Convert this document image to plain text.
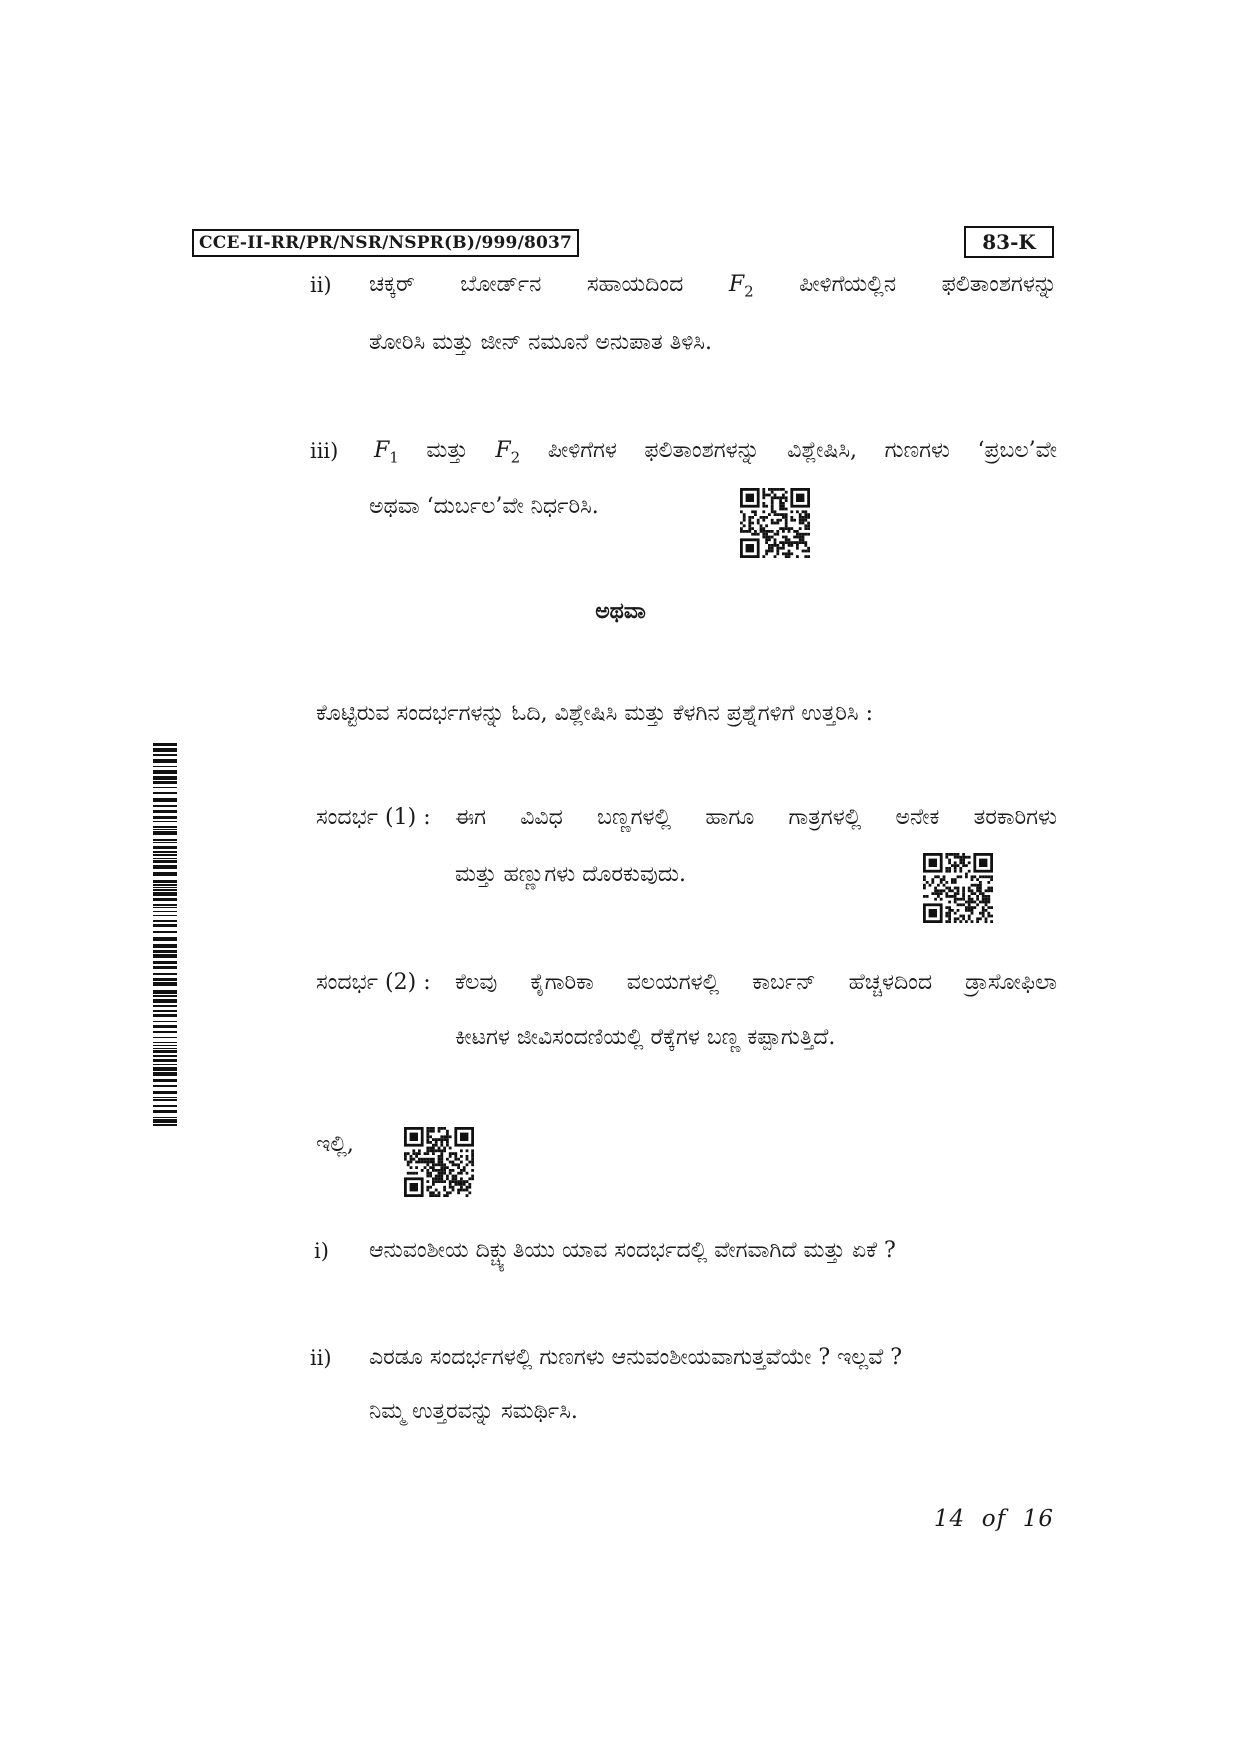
CCE-II-RR/PR/NSR/NSPR(B)/999/8037	83-K
ii) ಚಕ್ಕರ್ ಬೋರ್ಡ್‌ನ ಸಹಾಯದಿಂದ $F_2$ ಪೀಳಿಗೆಯಲ್ಲಿನ ಫಲಿತಾಂಶಗಳನ್ನು
ತೋರಿಸಿ ಮತ್ತು ಜೀನ್ ನಮೂನೆ ಅನುಪಾತ ತಿಳಿಸಿ.
iii) $F_1$ ಮತ್ತು $F_2$ ಪೀಳಿಗೆಗಳ ಫಲಿತಾಂಶಗಳನ್ನು ವಿಶ್ಲೇಷಿಸಿ, ಗುಣಗಳು ‘ಪ್ರಬಲ’ವೇ
ಅಥವಾ ‘ದುರ್ಬಲ’ವೇ ನಿರ್ಧರಿಸಿ.
ಅಥವಾ
ಕೊಟ್ಟಿರುವ ಸಂದರ್ಭಗಳನ್ನು ಓದಿ, ವಿಶ್ಲೇಷಿಸಿ ಮತ್ತು ಕೆಳಗಿನ ಪ್ರಶ್ನೆಗಳಿಗೆ ಉತ್ತರಿಸಿ :
ಸಂದರ್ಭ (1) : ಈಗ ವಿವಿಧ ಬಣ್ಣಗಳಲ್ಲಿ ಹಾಗೂ ಗಾತ್ರಗಳಲ್ಲಿ ಅನೇಕ ತರಕಾರಿಗಳು
ಮತ್ತು ಹಣ್ಣುಗಳು ದೊರಕುವುದು.
ಸಂದರ್ಭ (2) : ಕೆಲವು ಕೈಗಾರಿಕಾ ವಲಯಗಳಲ್ಲಿ ಕಾರ್ಬನ್ ಹೆಚ್ಚಳದಿಂದ ಡ್ರಾಸೋಫಿಲಾ
ಕೀಟಗಳ ಜೀವಿಸಂದಣಿಯಲ್ಲಿ ರೆಕ್ಕೆಗಳ ಬಣ್ಣ ಕಪ್ಪಾಗುತ್ತಿದೆ.
ಇಲ್ಲಿ,
i) ಆನುವಂಶೀಯ ದಿಕ್ಚ್ಯುತಿಯು ಯಾವ ಸಂದರ್ಭದಲ್ಲಿ ವೇಗವಾಗಿದೆ ಮತ್ತು ಏಕೆ ?
ii) ಎರಡೂ ಸಂದರ್ಭಗಳಲ್ಲಿ ಗುಣಗಳು ಆನುವಂಶೀಯವಾಗುತ್ತವೆಯೇ ? ಇಲ್ಲವೆ ?
ನಿಮ್ಮ ಉತ್ತರವನ್ನು ಸಮರ್ಥಿಸಿ.
14 of 16
